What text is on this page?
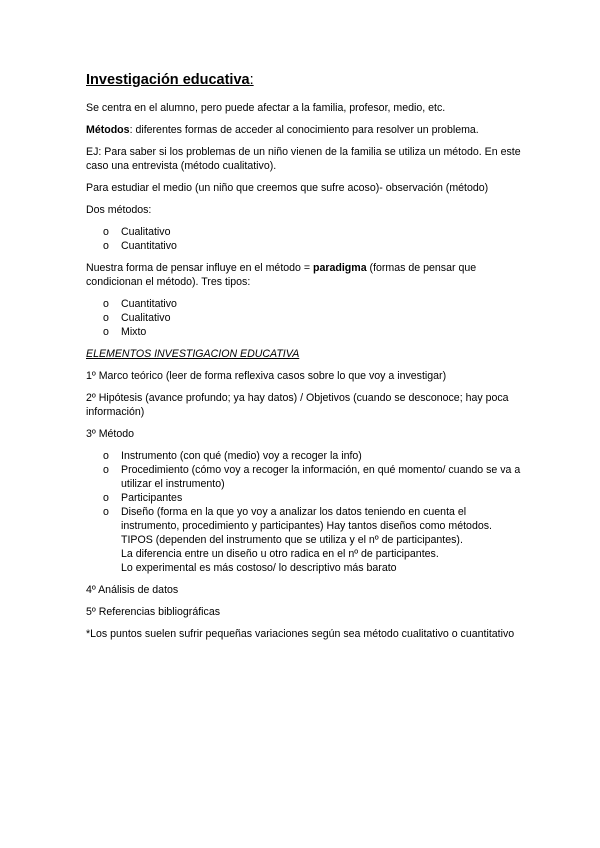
Investigación educativa:

Se centra en el alumno, pero puede afectar a la familia, profesor, medio, etc.

Métodos: diferentes formas de acceder al conocimiento para resolver un problema.

EJ: Para saber si los problemas de un niño vienen de la familia se utiliza un método. En este caso una entrevista (método cualitativo).

Para estudiar el medio (un niño que creemos que sufre acoso)- observación (método)

Dos métodos:

o Cualitativo
o Cuantitativo

Nuestra forma de pensar influye en el método = paradigma (formas de pensar que condicionan el método). Tres tipos:

o Cuantitativo
o Cualitativo
o Mixto

ELEMENTOS INVESTIGACION EDUCATIVA

1º Marco teórico (leer de forma reflexiva casos sobre lo que voy a investigar)

2º Hipótesis (avance profundo; ya hay datos) / Objetivos (cuando se desconoce; hay poca información)

3º Método

o Instrumento (con qué (medio) voy a recoger la info)
o Procedimiento (cómo voy a recoger la información, en qué momento/ cuando se va a utilizar el instrumento)
o Participantes
o Diseño (forma en la que yo voy a analizar los datos teniendo en cuenta el instrumento, procedimiento y participantes) Hay tantos diseños como métodos.
TIPOS (dependen del instrumento que se utiliza y el nº de participantes).
La diferencia entre un diseño u otro radica en el nº de participantes.
Lo experimental es más costoso/ lo descriptivo más barato

4º Análisis de datos

5º Referencias bibliográficas

*Los puntos suelen sufrir pequeñas variaciones según sea método cualitativo o cuantitativo
